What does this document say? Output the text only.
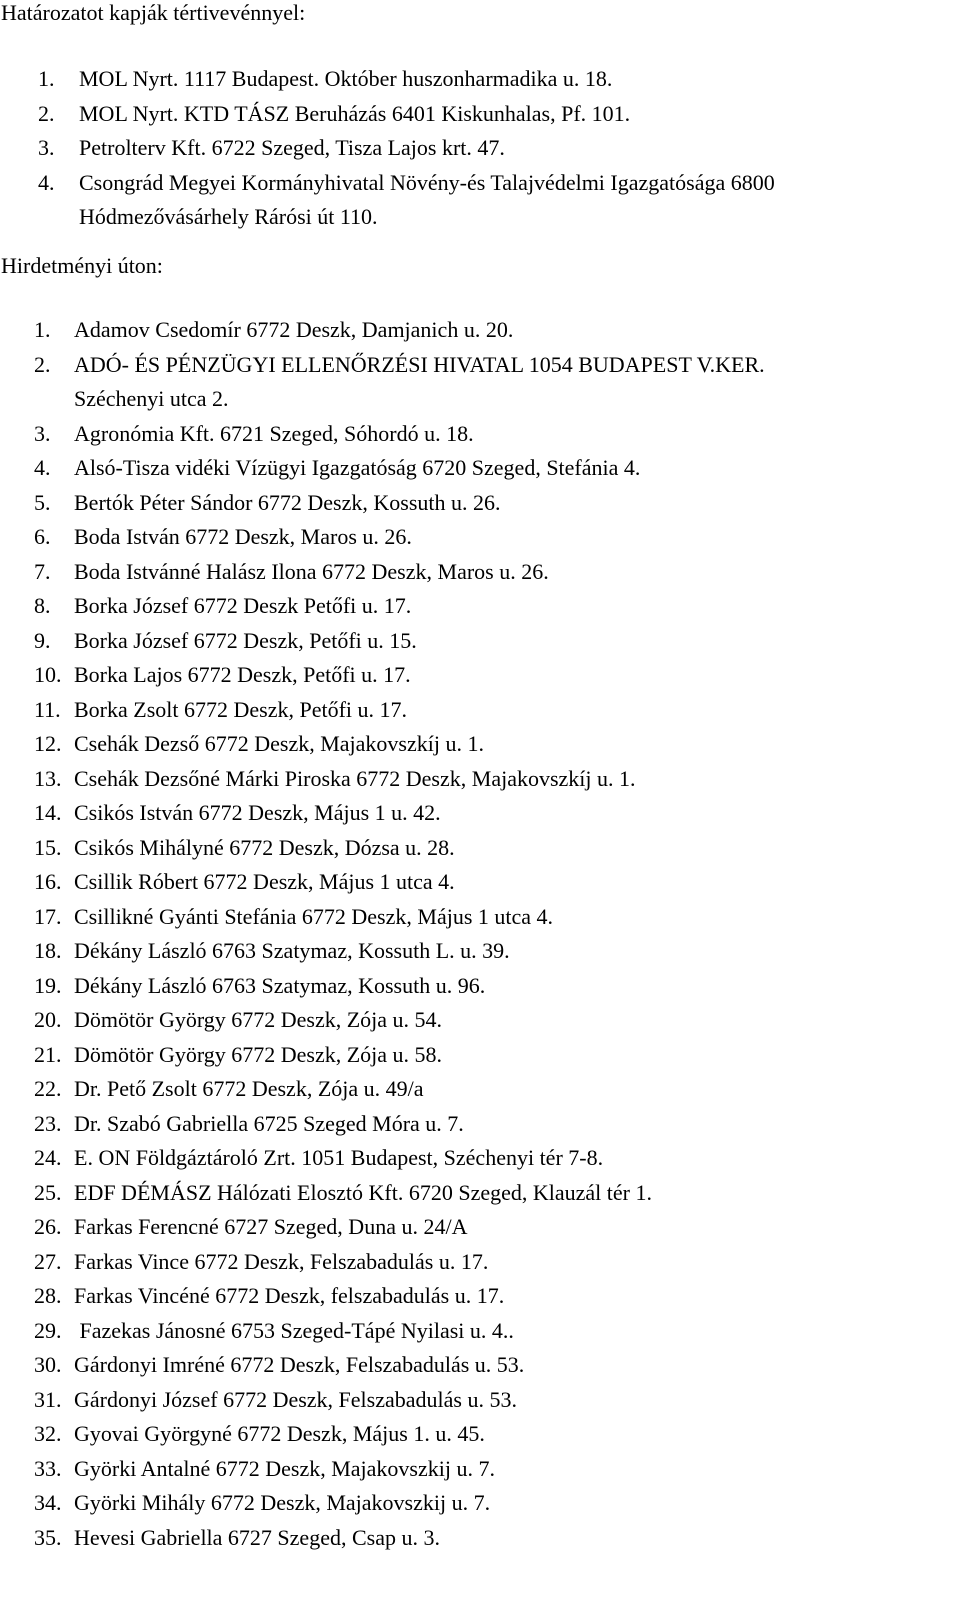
Határozatot kapják tértivevénnyel:
1. MOL Nyrt. 1117 Budapest. Október huszonharmadika u. 18.
2. MOL Nyrt. KTD TÁSZ Beruházás 6401 Kiskunhalas, Pf. 101.
3. Petrolterv Kft. 6722 Szeged, Tisza Lajos krt. 47.
4. Csongrád Megyei Kormányhivatal Növény-és Talajvédelmi Igazgatósága 6800
Hódmezővásárhely Rárósi út 110.
Hirdetményi úton:
1. Adamov Csedomír 6772 Deszk, Damjanich u. 20.
2. ADÓ- ÉS PÉNZÜGYI ELLENŐRZÉSI HIVATAL 1054 BUDAPEST V.KER.
Széchenyi utca 2.
3. Agronómia Kft. 6721 Szeged, Sóhordó u. 18.
4. Alsó-Tisza vidéki Vízügyi Igazgatóság 6720 Szeged, Stefánia 4.
5. Bertók Péter Sándor 6772 Deszk, Kossuth u. 26.
6. Boda István 6772 Deszk, Maros u. 26.
7. Boda Istvánné Halász Ilona 6772 Deszk, Maros u. 26.
8. Borka József 6772 Deszk Petőfi u. 17.
9. Borka József 6772 Deszk, Petőfi u. 15.
10. Borka Lajos 6772 Deszk, Petőfi u. 17.
11. Borka Zsolt 6772 Deszk, Petőfi u. 17.
12. Csehák Dezső 6772 Deszk, Majakovszkíj u. 1.
13. Csehák Dezsőné Márki Piroska 6772 Deszk, Majakovszkíj u. 1.
14. Csikós István 6772 Deszk, Május 1 u. 42.
15. Csikós Mihályné 6772 Deszk, Dózsa u. 28.
16. Csillik Róbert 6772 Deszk, Május 1 utca 4.
17. Csillikné Gyánti Stefánia 6772 Deszk, Május 1 utca 4.
18. Dékány László 6763 Szatymaz, Kossuth L. u. 39.
19. Dékány László 6763 Szatymaz, Kossuth u. 96.
20. Dömötör György 6772 Deszk, Zója u. 54.
21. Dömötör György 6772 Deszk, Zója u. 58.
22. Dr. Pető Zsolt 6772 Deszk, Zója u. 49/a
23. Dr. Szabó Gabriella 6725 Szeged Móra u. 7.
24. E. ON Földgáztároló Zrt. 1051 Budapest, Széchenyi tér 7-8.
25. EDF DÉMÁSZ Hálózati Elosztó Kft. 6720 Szeged, Klauzál tér 1.
26. Farkas Ferencné 6727 Szeged, Duna u. 24/A
27. Farkas Vince 6772 Deszk, Felszabadulás u. 17.
28. Farkas Vincéné 6772 Deszk, felszabadulás u. 17.
29. Fazekas Jánosné 6753 Szeged-Tápé Nyilasi u. 4..
30. Gárdonyi Imréné 6772 Deszk, Felszabadulás u. 53.
31. Gárdonyi József 6772 Deszk, Felszabadulás u. 53.
32. Gyovai Györgyné 6772 Deszk, Május 1. u. 45.
33. Györki Antalné 6772 Deszk, Majakovszkij u. 7.
34. Györki Mihály 6772 Deszk, Majakovszkij u. 7.
35. Hevesi Gabriella 6727 Szeged, Csap u. 3.
